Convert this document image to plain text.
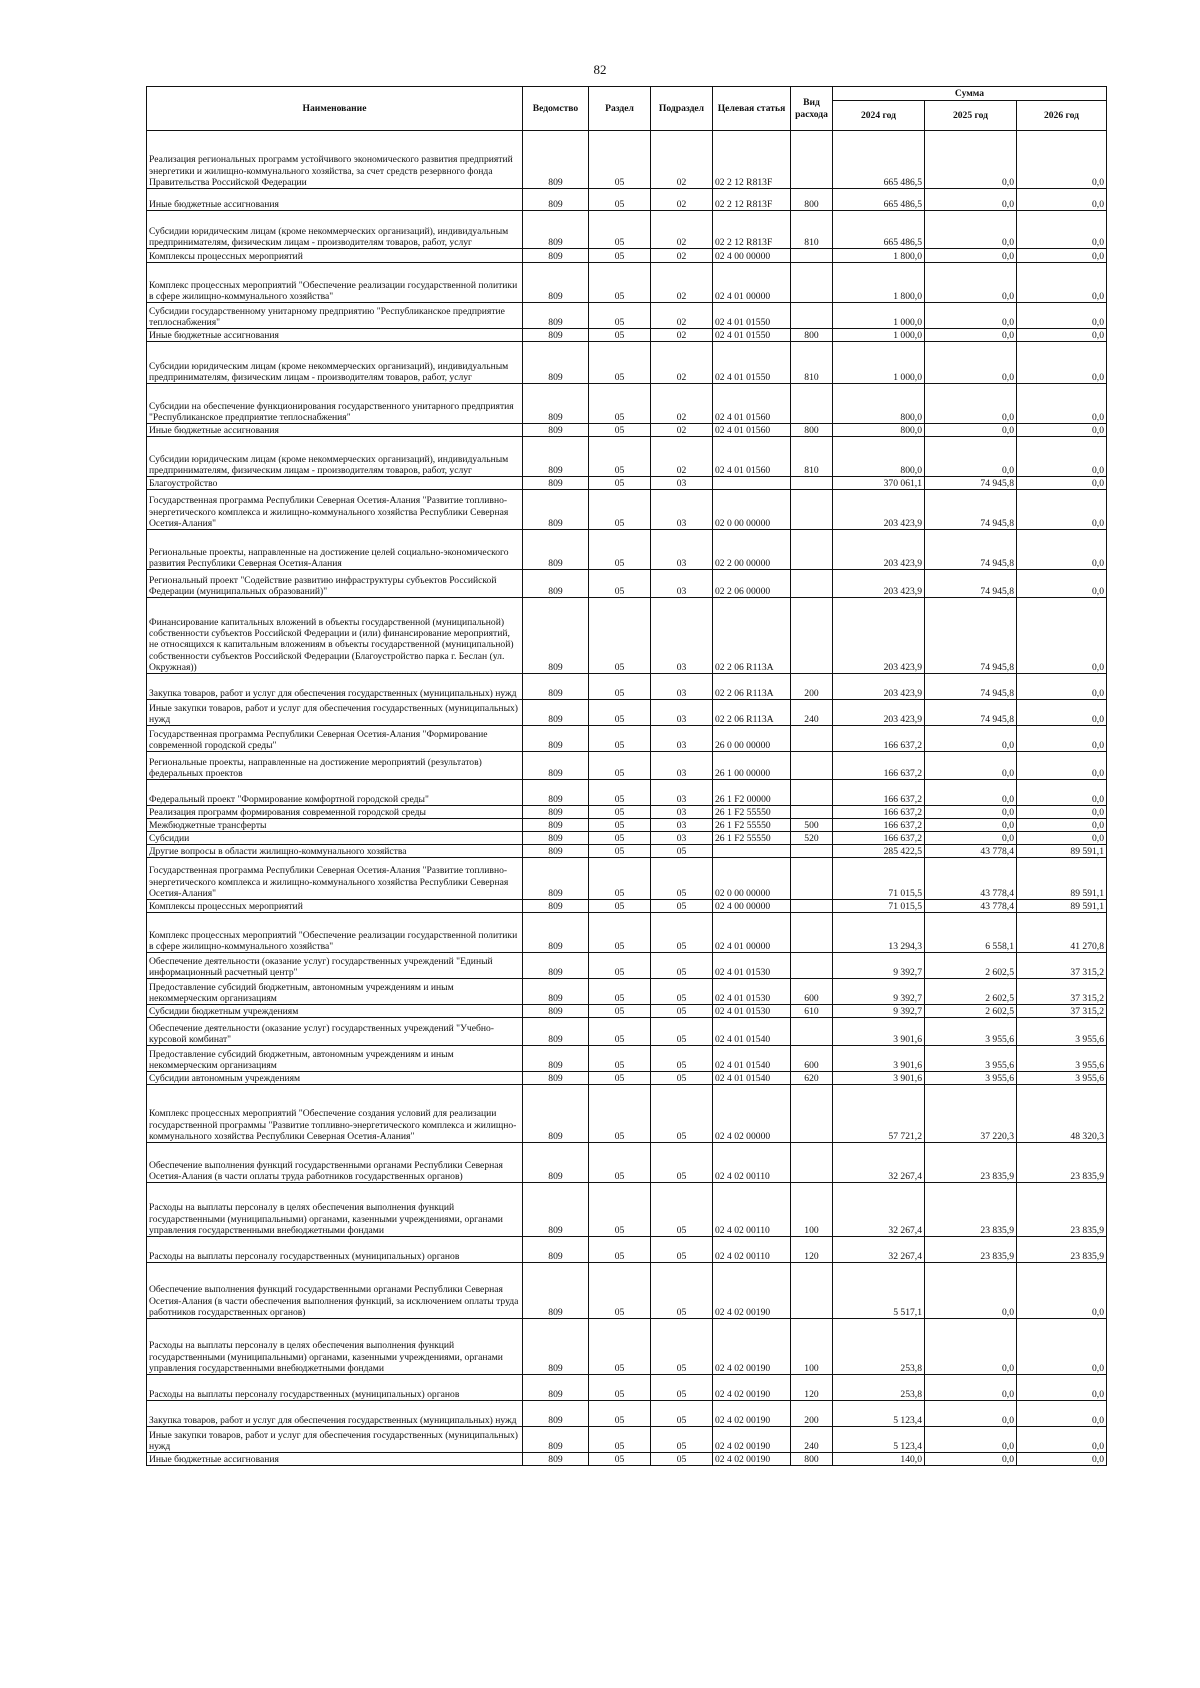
82
Наименование	Ведомство	Раздел	Подраздел	Целевая статья	Вид расхода	Сумма		
						2024 год	2025 год	2026 год
Реализация региональных программ устойчивого экономического развития предприятий энергетики и жилищно-коммунального хозяйства, за счет средств резервного фонда Правительства Российской Федерации	809	05	02	02 2 12 R813F		665 486,5	0,0	0,0
Иные бюджетные ассигнования	809	05	02	02 2 12 R813F	800	665 486,5	0,0	0,0
Субсидии юридическим лицам (кроме некоммерческих организаций), индивидуальным предпринимателям, физическим лицам - производителям товаров, работ, услуг	809	05	02	02 2 12 R813F	810	665 486,5	0,0	0,0
Комплексы процессных мероприятий	809	05	02	02 4 00 00000		1 800,0	0,0	0,0
Комплекс процессных мероприятий "Обеспечение реализации государственной политики в сфере жилищно-коммунального хозяйства"	809	05	02	02 4 01 00000		1 800,0	0,0	0,0
Субсидии государственному унитарному предприятию "Республиканское предприятие теплоснабжения"	809	05	02	02 4 01 01550		1 000,0	0,0	0,0
Иные бюджетные ассигнования	809	05	02	02 4 01 01550	800	1 000,0	0,0	0,0
Субсидии юридическим лицам (кроме некоммерческих организаций), индивидуальным предпринимателям, физическим лицам - производителям товаров, работ, услуг	809	05	02	02 4 01 01550	810	1 000,0	0,0	0,0
Субсидии на обеспечение функционирования государственного унитарного предприятия "Республиканское предприятие теплоснабжения"	809	05	02	02 4 01 01560		800,0	0,0	0,0
Иные бюджетные ассигнования	809	05	02	02 4 01 01560	800	800,0	0,0	0,0
Субсидии юридическим лицам (кроме некоммерческих организаций), индивидуальным предпринимателям, физическим лицам - производителям товаров, работ, услуг	809	05	02	02 4 01 01560	810	800,0	0,0	0,0
Благоустройство	809	05	03			370 061,1	74 945,8	0,0
Государственная программа Республики Северная Осетия-Алания "Развитие топливно-энергетического комплекса и жилищно-коммунального хозяйства Республики Северная Осетия-Алания"	809	05	03	02 0 00 00000		203 423,9	74 945,8	0,0
Региональные проекты, направленные на достижение целей социально-экономического развития Республики Северная Осетия-Алания	809	05	03	02 2 00 00000		203 423,9	74 945,8	0,0
Региональный проект "Содействие развитию инфраструктуры субъектов Российской Федерации (муниципальных образований)"	809	05	03	02 2 06 00000		203 423,9	74 945,8	0,0
Финансирование капитальных вложений в объекты государственной (муниципальной) собственности субъектов Российской Федерации и (или) финансирование мероприятий, не относящихся к капитальным вложениям в объекты государственной (муниципальной) собственности субъектов Российской Федерации (Благоустройство парка г. Беслан (ул. Окружная))	809	05	03	02 2 06 R113A		203 423,9	74 945,8	0,0
Закупка товаров, работ и услуг для обеспечения государственных (муниципальных) нужд	809	05	03	02 2 06 R113A	200	203 423,9	74 945,8	0,0
Иные закупки товаров, работ и услуг для обеспечения государственных (муниципальных) нужд	809	05	03	02 2 06 R113A	240	203 423,9	74 945,8	0,0
Государственная программа Республики Северная Осетия-Алания "Формирование современной городской среды"	809	05	03	26 0 00 00000		166 637,2	0,0	0,0
Региональные проекты, направленные на достижение мероприятий (результатов) федеральных проектов	809	05	03	26 1 00 00000		166 637,2	0,0	0,0
Федеральный проект "Формирование комфортной городской среды"	809	05	03	26 1 F2 00000		166 637,2	0,0	0,0
Реализация программ формирования современной городской среды	809	05	03	26 1 F2 55550		166 637,2	0,0	0,0
Межбюджетные трансферты	809	05	03	26 1 F2 55550	500	166 637,2	0,0	0,0
Субсидии	809	05	03	26 1 F2 55550	520	166 637,2	0,0	0,0
Другие вопросы в области жилищно-коммунального хозяйства	809	05	05			285 422,5	43 778,4	89 591,1
Государственная программа Республики Северная Осетия-Алания "Развитие топливно-энергетического комплекса и жилищно-коммунального хозяйства Республики Северная Осетия-Алания"	809	05	05	02 0 00 00000		71 015,5	43 778,4	89 591,1
Комплексы процессных мероприятий	809	05	05	02 4 00 00000		71 015,5	43 778,4	89 591,1
Комплекс процессных мероприятий "Обеспечение реализации государственной политики в сфере жилищно-коммунального хозяйства"	809	05	05	02 4 01 00000		13 294,3	6 558,1	41 270,8
Обеспечение деятельности (оказание услуг) государственных учреждений "Единый информационный расчетный центр"	809	05	05	02 4 01 01530		9 392,7	2 602,5	37 315,2
Предоставление субсидий бюджетным, автономным учреждениям и иным некоммерческим организациям	809	05	05	02 4 01 01530	600	9 392,7	2 602,5	37 315,2
Субсидии бюджетным учреждениям	809	05	05	02 4 01 01530	610	9 392,7	2 602,5	37 315,2
Обеспечение деятельности (оказание услуг) государственных учреждений "Учебно-курсовой комбинат"	809	05	05	02 4 01 01540		3 901,6	3 955,6	3 955,6
Предоставление субсидий бюджетным, автономным учреждениям и иным некоммерческим организациям	809	05	05	02 4 01 01540	600	3 901,6	3 955,6	3 955,6
Субсидии автономным учреждениям	809	05	05	02 4 01 01540	620	3 901,6	3 955,6	3 955,6
Комплекс процессных мероприятий "Обеспечение создания условий для реализации государственной программы "Развитие топливно-энергетического комплекса и жилищно-коммунального хозяйства Республики Северная Осетия-Алания"	809	05	05	02 4 02 00000		57 721,2	37 220,3	48 320,3
Обеспечение выполнения функций государственными органами Республики Северная Осетия-Алания (в части оплаты труда работников государственных органов)	809	05	05	02 4 02 00110		32 267,4	23 835,9	23 835,9
Расходы на выплаты персоналу в целях обеспечения выполнения функций государственными (муниципальными) органами, казенными учреждениями, органами управления государственными внебюджетными фондами	809	05	05	02 4 02 00110	100	32 267,4	23 835,9	23 835,9
Расходы на выплаты персоналу государственных (муниципальных) органов	809	05	05	02 4 02 00110	120	32 267,4	23 835,9	23 835,9
Обеспечение выполнения функций государственными органами Республики Северная Осетия-Алания (в части обеспечения выполнения функций, за исключением оплаты труда работников государственных органов)	809	05	05	02 4 02 00190		5 517,1	0,0	0,0
Расходы на выплаты персоналу в целях обеспечения выполнения функций государственными (муниципальными) органами, казенными учреждениями, органами управления государственными внебюджетными фондами	809	05	05	02 4 02 00190	100	253,8	0,0	0,0
Расходы на выплаты персоналу государственных (муниципальных) органов	809	05	05	02 4 02 00190	120	253,8	0,0	0,0
Закупка товаров, работ и услуг для обеспечения государственных (муниципальных) нужд	809	05	05	02 4 02 00190	200	5 123,4	0,0	0,0
Иные закупки товаров, работ и услуг для обеспечения государственных (муниципальных) нужд	809	05	05	02 4 02 00190	240	5 123,4	0,0	0,0
Иные бюджетные ассигнования	809	05	05	02 4 02 00190	800	140,0	0,0	0,0
